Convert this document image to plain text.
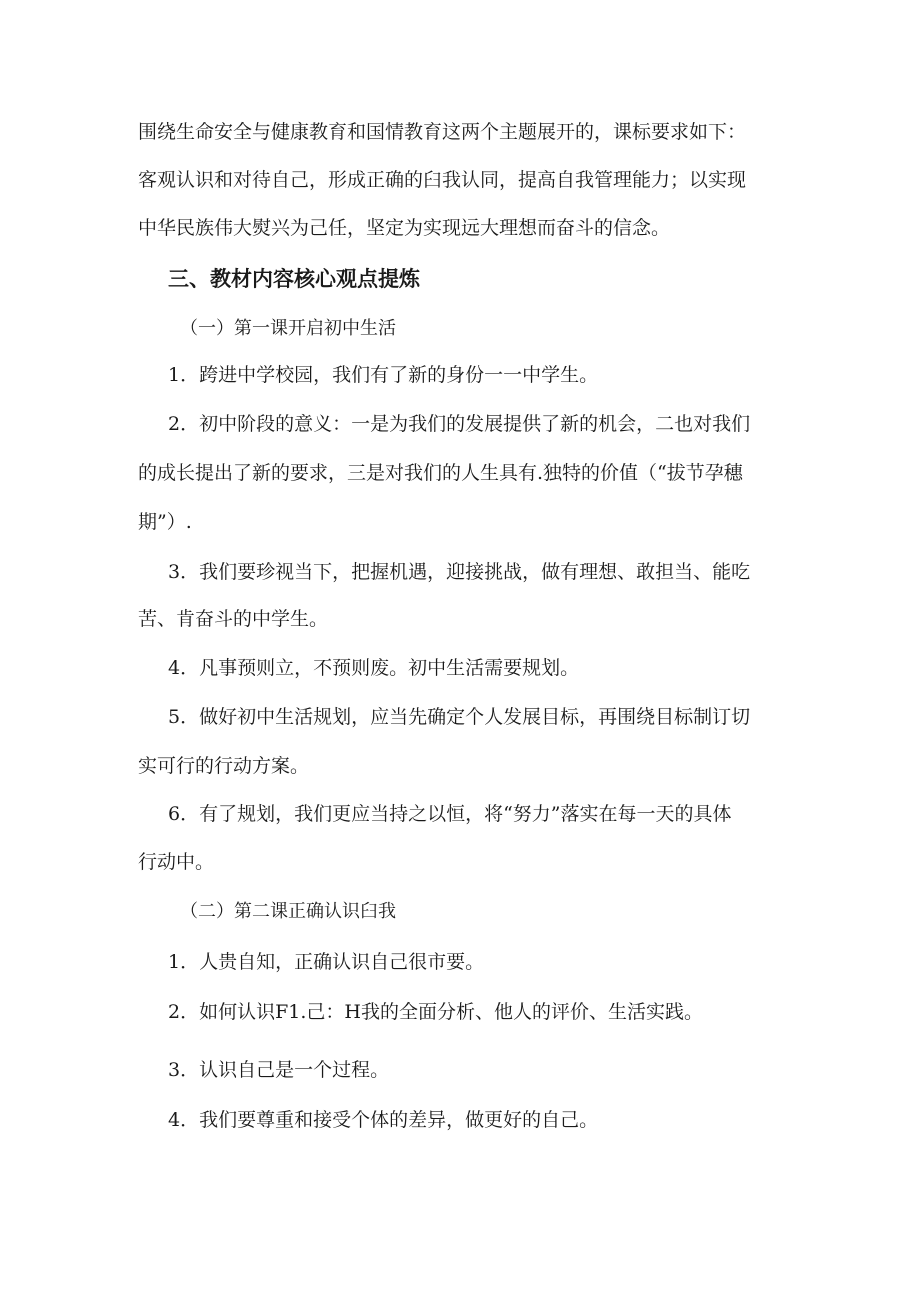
围绕生命安全与健康教育和国情教育这两个主题展开的，课标要求如下：
客观认识和对待自己，形成正确的臼我认同，提高自我管理能力；以实现
中华民族伟大熨兴为己任，坚定为实现远大理想而奋斗的信念。
三、教材内容核心观点提炼
（一）第一课开启初中生活
1．跨进中学校园，我们有了新的身份一一中学生。
2．初中阶段的意义：一是为我们的发展提供了新的机会，二也对我们
的成长提出了新的要求，三是对我们的人生具有.独特的价值（“拔节孕穗
期”）.
3．我们要珍视当下，把握机遇，迎接挑战，做有理想、敢担当、能吃
苦、肯奋斗的中学生。
4．凡事预则立，不预则废。初中生活需要规划。
5．做好初中生活规划，应当先确定个人发展目标，再围绕目标制订切
实可行的行动方案。
6．有了规划，我们更应当持之以恒，将“努力”落实在每一天的具体
行动中。
（二）第二课正确认识臼我
1．人贵自知，正确认识自己很市要。
2．如何认识F1.己：H我的全面分析、他人的评价、生活实践。
3．认识自己是一个过程。
4．我们要尊重和接受个体的差异，做更好的自己。
